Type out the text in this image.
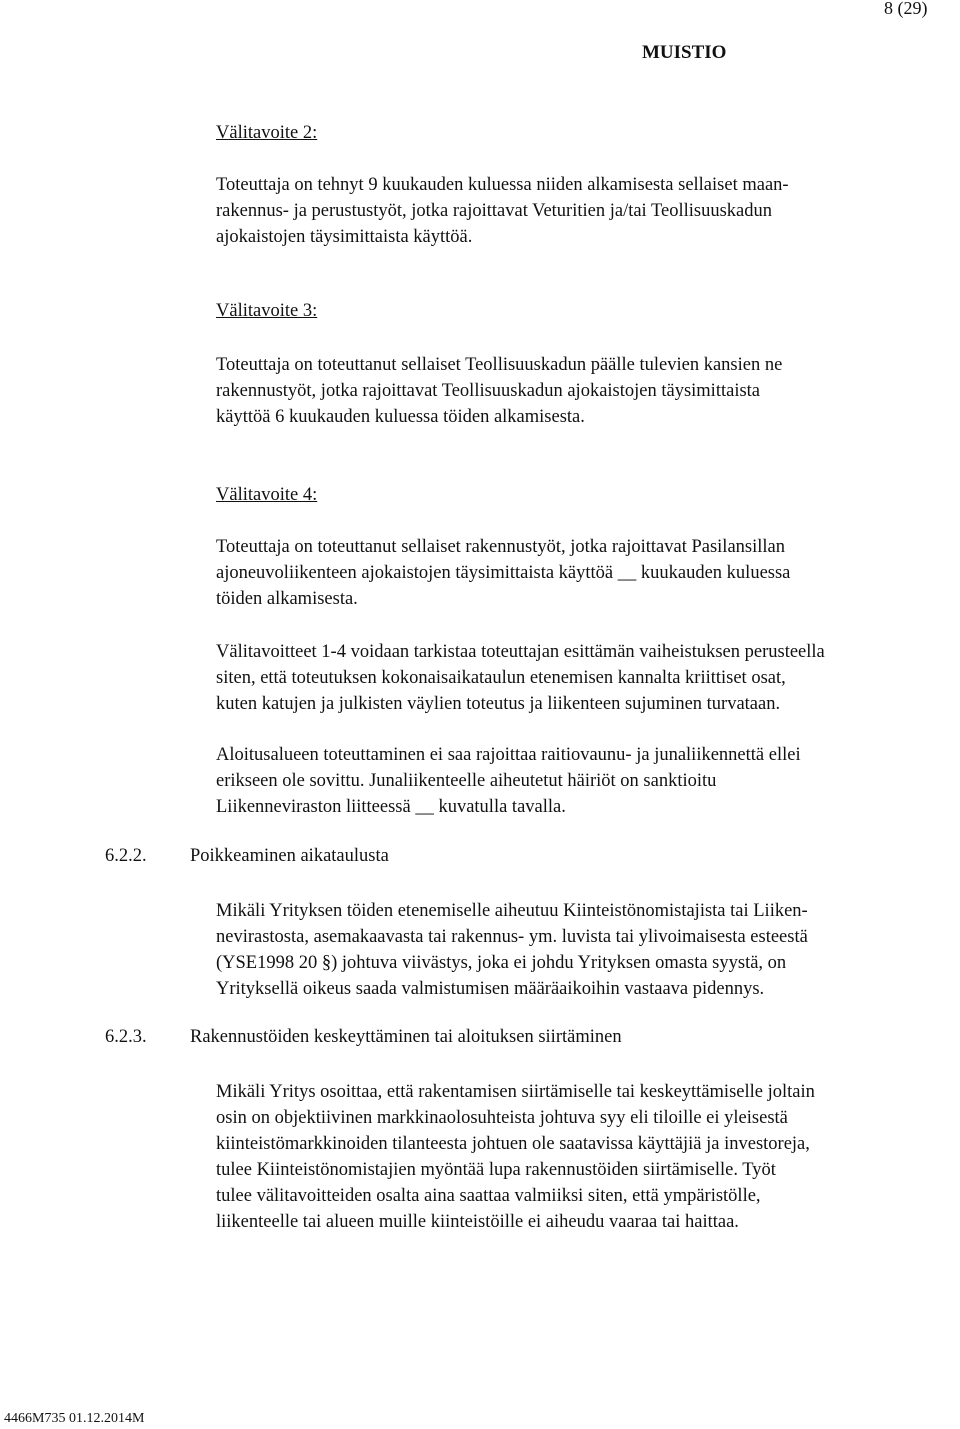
8 (29)
MUISTIO
Välitavoite 2:
Toteuttaja on tehnyt 9 kuukauden kuluessa niiden alkamisesta sellaiset maan-
rakennus- ja perustustyöt, jotka rajoittavat Veturitien ja/tai Teollisuuskadun
ajokaistojen täysimittaista käyttöä.
Välitavoite 3:
Toteuttaja on toteuttanut sellaiset Teollisuuskadun päälle tulevien kansien ne
rakennustyöt, jotka rajoittavat Teollisuuskadun ajokaistojen täysimittaista
käyttöä 6 kuukauden kuluessa töiden alkamisesta.
Välitavoite 4:
Toteuttaja on toteuttanut sellaiset rakennustyöt, jotka rajoittavat Pasilansillan
ajoneuvoliikenteen ajokaistojen täysimittaista käyttöä __ kuukauden kuluessa
töiden alkamisesta.
Välitavoitteet 1-4 voidaan tarkistaa toteuttajan esittämän vaiheistuksen perusteella
siten, että toteutuksen kokonaisaikataulun etenemisen kannalta kriittiset osat,
kuten katujen ja julkisten väylien toteutus ja liikenteen sujuminen turvataan.
Aloitusalueen toteuttaminen ei saa rajoittaa raitiovaunu- ja junaliikennettä ellei
erikseen ole sovittu. Junaliikenteelle aiheutetut häiriöt on sanktioitu
Liikenneviraston liitteessä __ kuvatulla tavalla.
6.2.2. Poikkeaminen aikataulusta
Mikäli Yrityksen töiden etenemiselle aiheutuu Kiinteistönomistajista tai Liiken-
nevirastosta, asemakaavasta tai rakennus- ym. luvista tai ylivoimaisesta esteestä
(YSE1998 20 §) johtuva viivästys, joka ei johdu Yrityksen omasta syystä, on
Yrityksellä oikeus saada valmistumisen määräaikoihin vastaava pidennys.
6.2.3. Rakennustöiden keskeyttäminen tai aloituksen siirtäminen
Mikäli Yritys osoittaa, että rakentamisen siirtämiselle tai keskeyttämiselle joltain
osin on objektiivinen markkinaolosuhteista johtuva syy eli tiloille ei yleisestä
kiinteistömarkkinoiden tilanteesta johtuen ole saatavissa käyttäjiä ja investoreja,
tulee Kiinteistönomistajien myöntää lupa rakennustöiden siirtämiselle. Työt
tulee välitavoitteiden osalta aina saattaa valmiiksi siten, että ympäristölle,
liikenteelle tai alueen muille kiinteistöille ei aiheudu vaaraa tai haittaa.
4466M735 01.12.2014M
